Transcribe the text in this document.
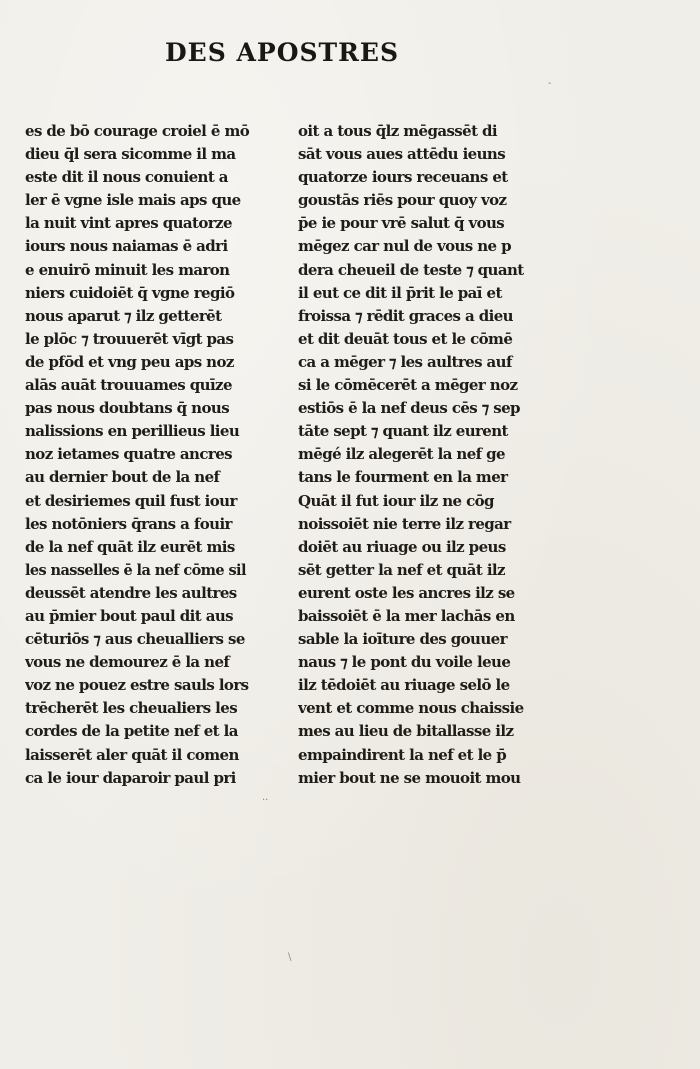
DES APOSTRES
es de bō courage croiel ē mō
dieu q̄l sera sicomme il ma
este dit il nous conuient a
ler ē vgne isle mais aps que
la nuit vint apres quatorze
iours nous naiamas ē adri
e enuirō minuit les maron
niers cuidoiēt q̄ vgne regiō
nous aparut ⁊ ilz getterēt
le plōc ⁊ trouuerēt vīgt pas
de pfōd et vng peu aps noz
alās auāt trouuames quīze
pas nous doubtans q̄ nous
nalissions en perillieus lieu
noz ietames quatre ancres
au dernier bout de la nef
et desiriemes quil fust iour
les notōniers q̄rans a fouir
de la nef quāt ilz eurēt mis
les nasselles ē la nef cōme sil
deussēt atendre les aultres
au p̄mier bout paul dit aus
cēturiōs ⁊ aus cheualliers se
vous ne demourez ē la nef
voz ne pouez estre sauls lors
trēcherēt les cheualiers les
cordes de la petite nef et la
laisserēt aler quāt il comen
ca le iour daparoir paul pri
oit a tous q̄lz mēgassēt di
sāt vous aues attēdu ieuns
quatorze iours receuans et
goustās riēs pour quoy voz
p̄e ie pour vrē salut q̄ vous
mēgez car nul de vous ne p
dera cheueil de teste ⁊ quant
il eut ce dit il p̄rit le paī et
froissa ⁊ rēdit graces a dieu
et dit deuāt tous et le cōmē
ca a mēger ⁊ les aultres auf
si le cōmēcerēt a mēger noz
estiōs ē la nef deus cēs ⁊ sep
tāte sept ⁊ quant ilz eurent
mēgé ilz alegerēt la nef ge
tans le fourment en la mer
Quāt il fut iour ilz ne cōg
noissoiēt nie terre ilz regar
doiēt au riuage ou ilz peus
sēt getter la nef et quāt ilz
eurent oste les ancres ilz se
baissoiēt ē la mer lachās en
sable la ioīture des gouuer
naus ⁊ le pont du voile leue
ilz tēdoiēt au riuage selō le
vent et comme nous chaissie
mes au lieu de bitallasse ilz
empaindirent la nef et le p̄
mier bout ne se mouoit mou
-
··
\
